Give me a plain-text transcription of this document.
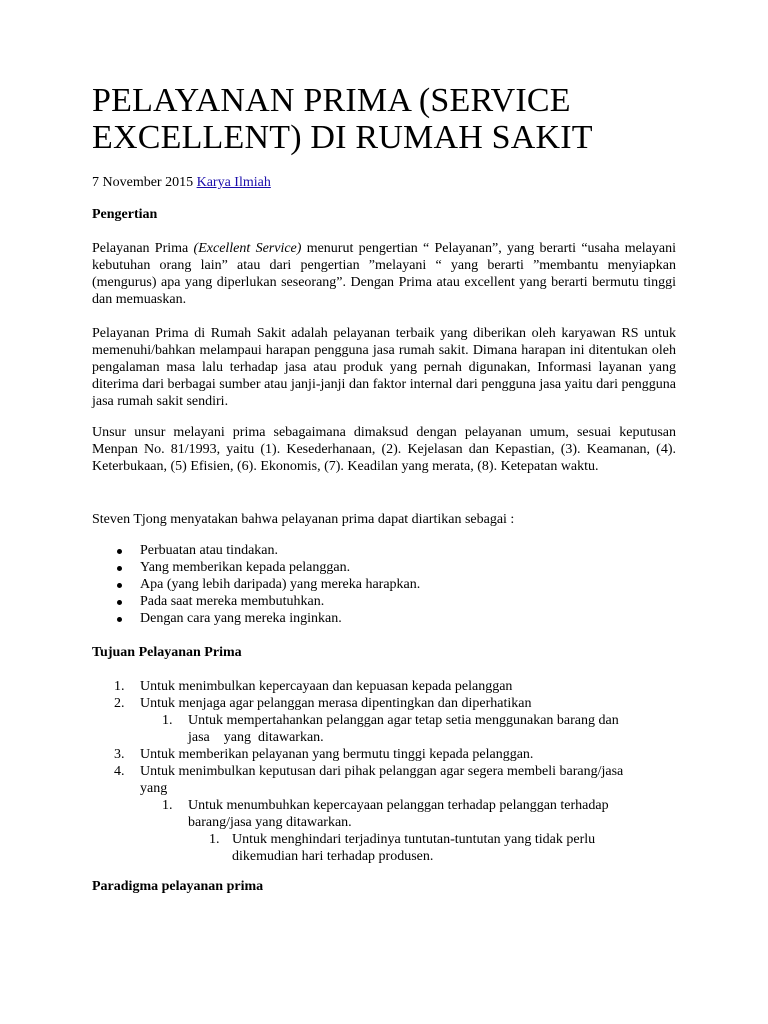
PELAYANAN PRIMA (SERVICE
EXCELLENT) DI RUMAH SAKIT
7 November 2015 Karya Ilmiah
Pengertian

Pelayanan Prima (Excellent Service) menurut pengertian “ Pelayanan”, yang berarti “usaha melayani kebutuhan orang lain” atau dari pengertian ”melayani “ yang berarti ”membantu menyiapkan (mengurus) apa yang diperlukan seseorang”. Dengan Prima atau excellent yang berarti bermutu tinggi dan memuaskan.

Pelayanan Prima di Rumah Sakit adalah pelayanan terbaik yang diberikan oleh karyawan RS untuk memenuhi/bahkan melampaui harapan pengguna jasa rumah sakit. Dimana harapan ini ditentukan oleh pengalaman masa lalu terhadap jasa atau produk yang pernah digunakan, Informasi layanan yang diterima dari berbagai sumber atau janji-janji dan faktor internal dari pengguna jasa yaitu dari pengguna jasa rumah sakit sendiri.

Unsur unsur melayani prima sebagaimana dimaksud dengan pelayanan umum, sesuai keputusan Menpan No. 81/1993, yaitu (1). Kesederhanaan, (2). Kejelasan dan Kepastian, (3). Keamanan, (4). Keterbukaan, (5) Efisien, (6). Ekonomis, (7). Keadilan yang merata, (8). Ketepatan waktu.

Steven Tjong menyatakan bahwa pelayanan prima dapat diartikan sebagai :

Perbuatan atau tindakan.
Yang memberikan kepada pelanggan.
Apa (yang lebih daripada) yang mereka harapkan.
Pada saat mereka membutuhkan.
Dengan cara yang mereka inginkan.
Tujuan Pelayanan Prima
1. Untuk menimbulkan kepercayaan dan kepuasan kepada pelanggan
2. Untuk menjaga agar pelanggan merasa dipentingkan dan diperhatikan
1. Untuk mempertahankan pelanggan agar tetap setia menggunakan barang dan
jasa    yang  ditawarkan.
3. Untuk memberikan pelayanan yang bermutu tinggi kepada pelanggan.
4. Untuk menimbulkan keputusan dari pihak pelanggan agar segera membeli barang/jasa
yang
1. Untuk menumbuhkan kepercayaan pelanggan terhadap pelanggan terhadap
barang/jasa yang ditawarkan.
1. Untuk menghindari terjadinya tuntutan-tuntutan yang tidak perlu
dikemudian hari terhadap produsen.
Paradigma pelayanan prima
